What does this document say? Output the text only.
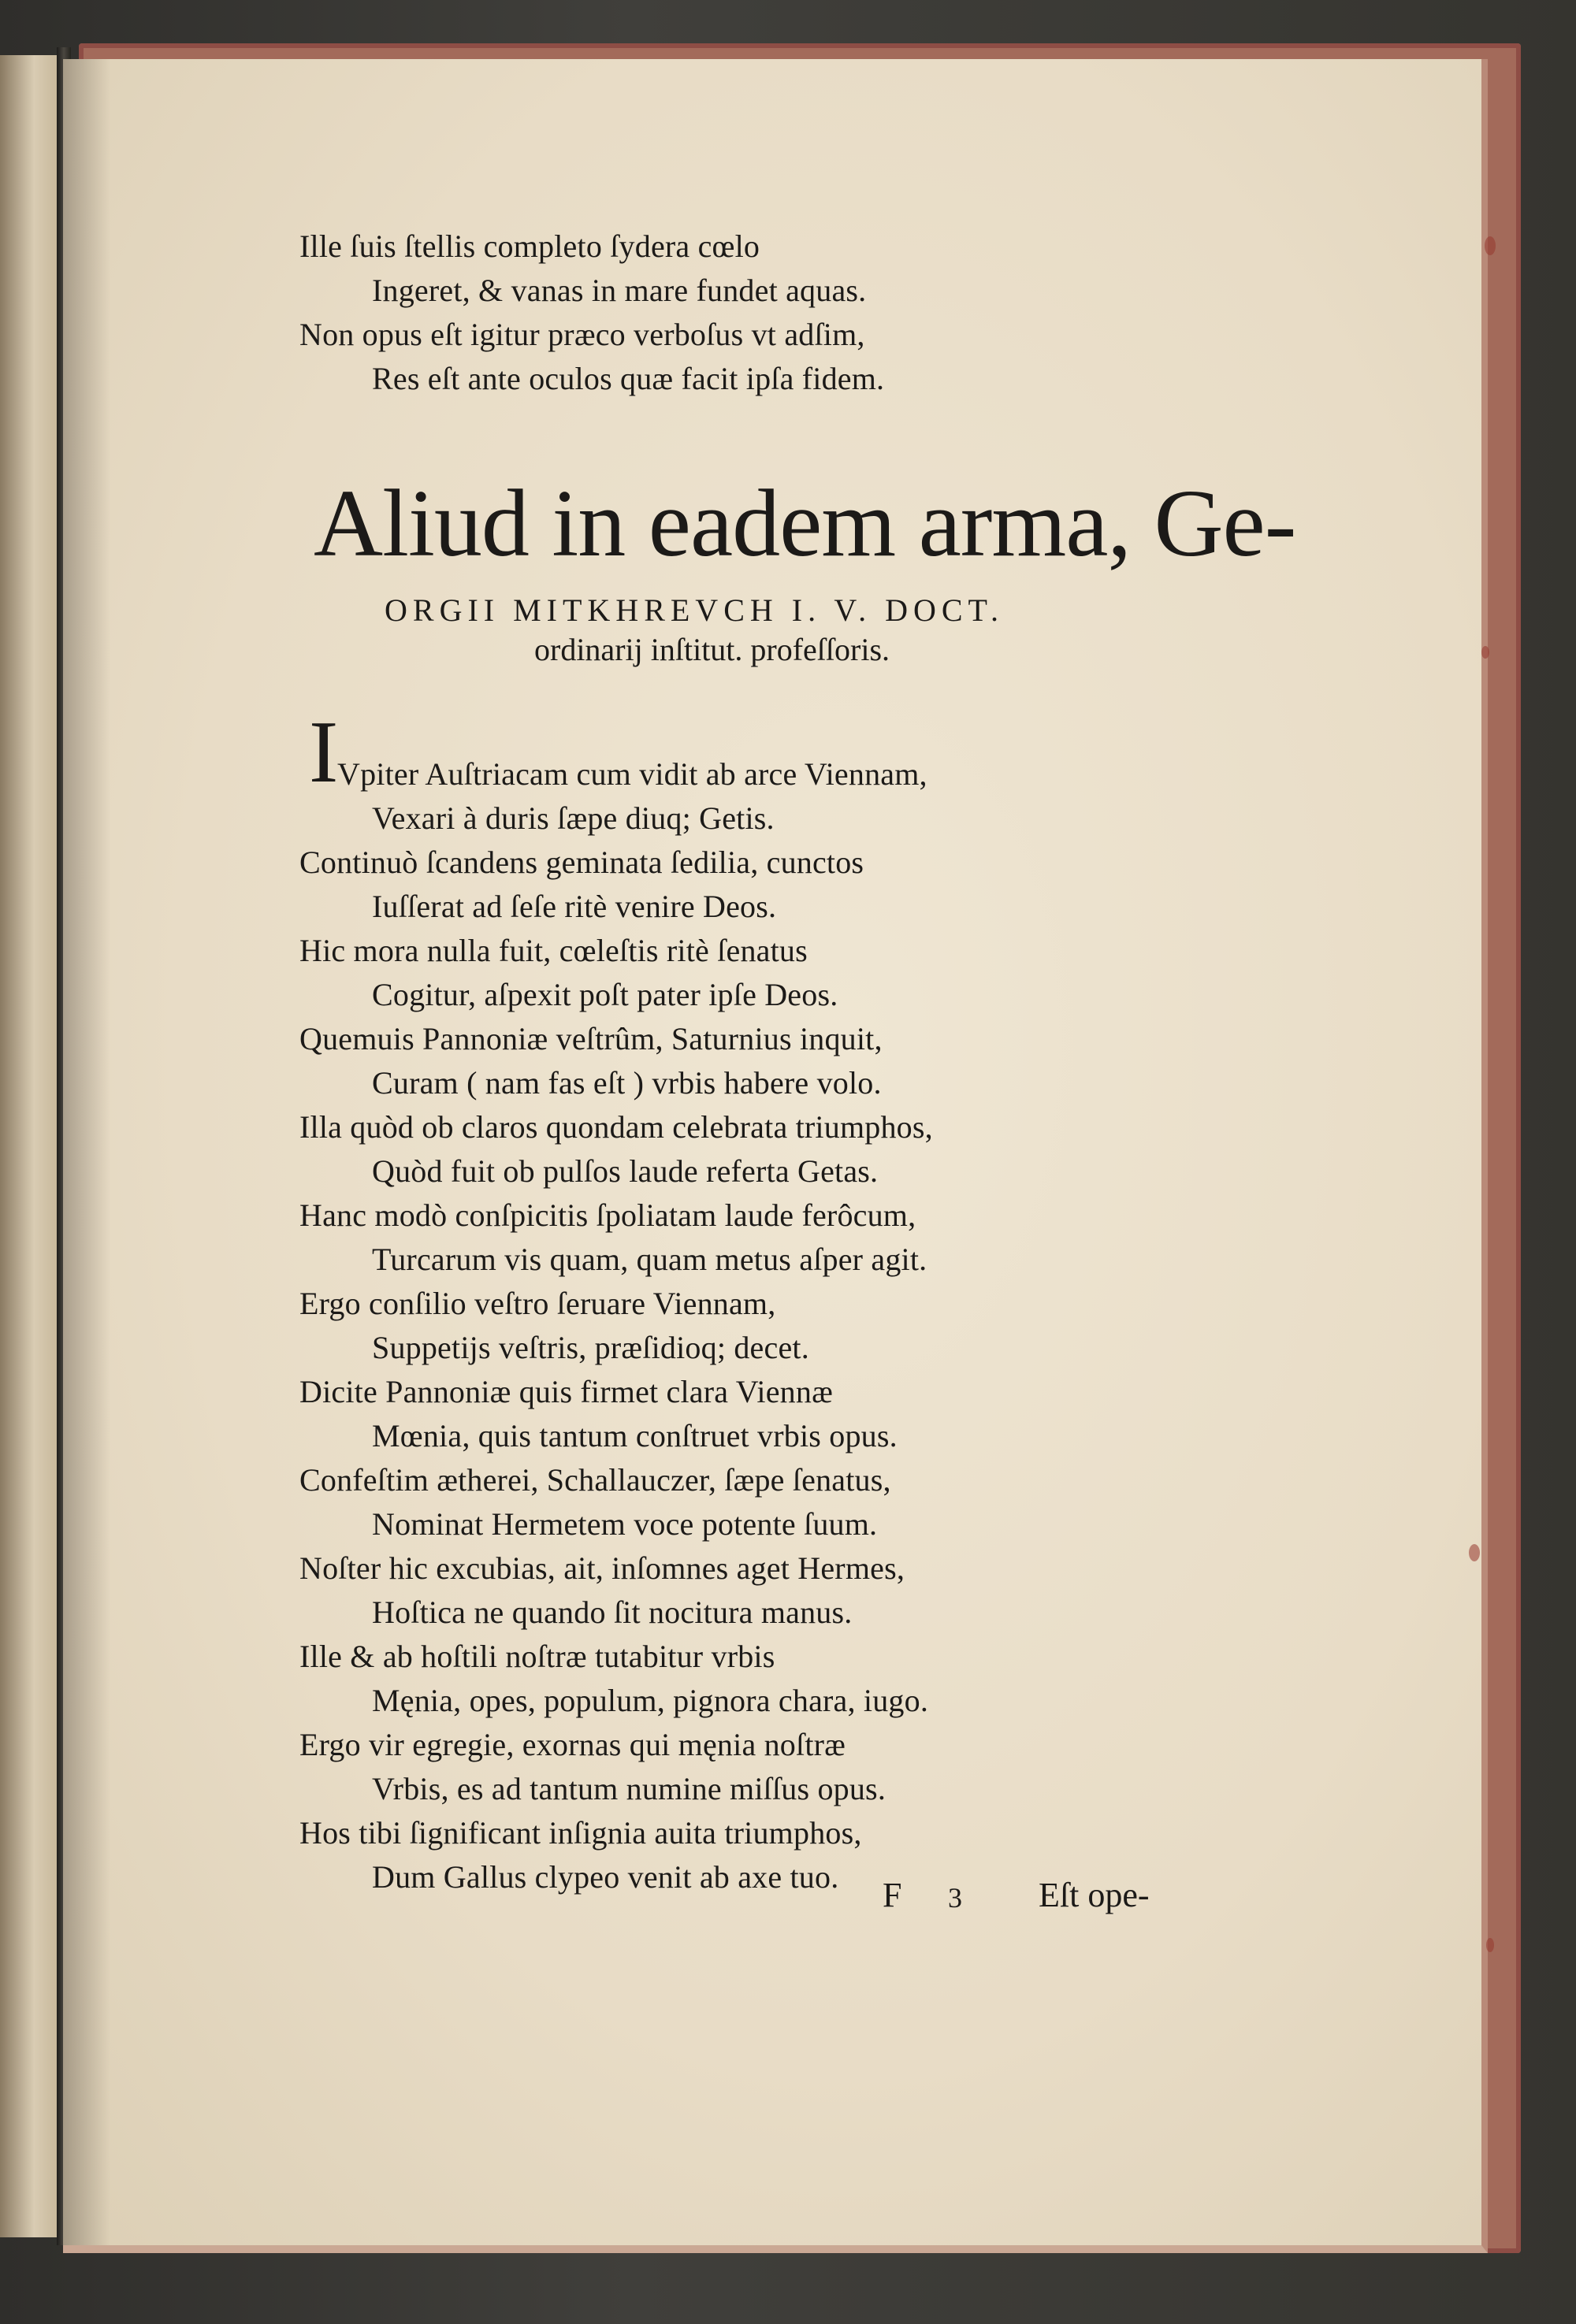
Ille ſuis ſtellis completo ſydera cœlo
Ingeret, & vanas in mare fundet aquas.
Non opus eſt igitur præco verboſus vt adſim,
Res eſt ante oculos quæ facit ipſa fidem.
Aliud in eadem arma, Ge-
ORGII MITKHREVCH I. V. DOCT.
ordinarij inſtitut. profeſſoris.
I
Vpiter Auſtriacam cum vidit ab arce Viennam,
Vexari à duris ſæpe diuq; Getis.
Continuò ſcandens geminata ſedilia, cunctos
Iuſſerat ad ſeſe ritè venire Deos.
Hic mora nulla fuit, cœleſtis ritè ſenatus
Cogitur, aſpexit poſt pater ipſe Deos.
Quemuis Pannoniæ veſtrûm, Saturnius inquit,
Curam ( nam fas eſt ) vrbis habere volo.
Illa quòd ob claros quondam celebrata triumphos,
Quòd fuit ob pulſos laude referta Getas.
Hanc modò conſpicitis ſpoliatam laude ferôcum,
Turcarum vis quam, quam metus aſper agit.
Ergo conſilio veſtro ſeruare Viennam,
Suppetijs veſtris, præſidioq; decet.
Dicite Pannoniæ quis firmet clara Viennæ
Mœnia, quis tantum conſtruet vrbis opus.
Confeſtim ætherei, Schallauczer, ſæpe ſenatus,
Nominat Hermetem voce potente ſuum.
Noſter hic excubias, ait, inſomnes aget Hermes,
Hoſtica ne quando ſit nocitura manus.
Ille & ab hoſtili noſtræ tutabitur vrbis
Męnia, opes, populum, pignora chara, iugo.
Ergo vir egregie, exornas qui męnia noſtræ
Vrbis, es ad tantum numine miſſus opus.
Hos tibi ſignificant inſignia auita triumphos,
Dum Gallus clypeo venit ab axe tuo.	F 3 Eſt ope-
